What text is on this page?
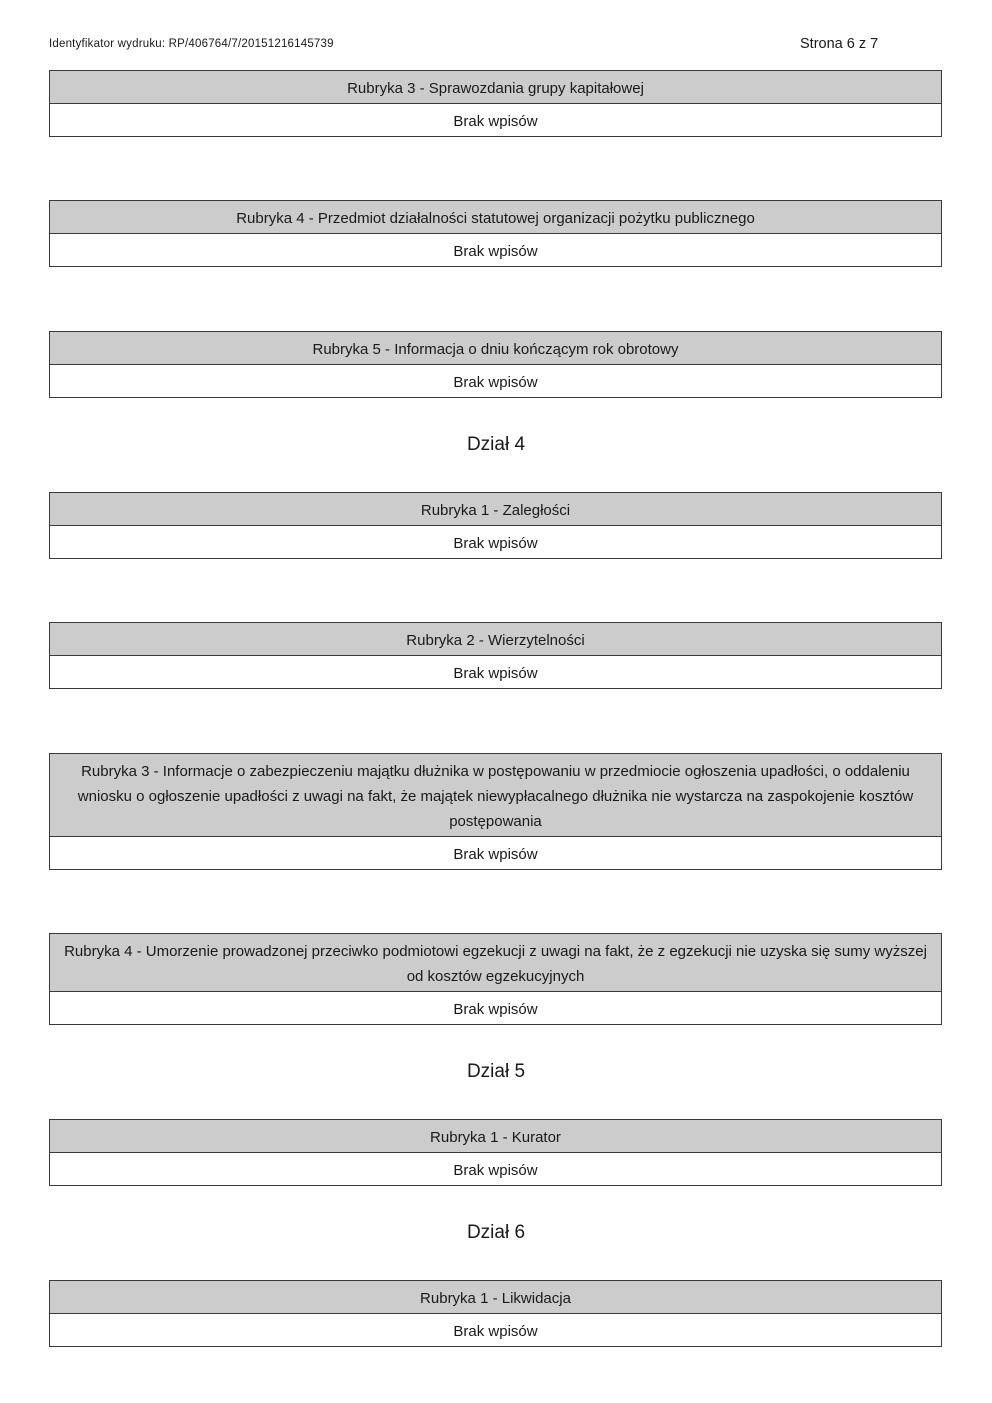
Identyfikator wydruku: RP/406764/7/20151216145739	Strona 6 z 7
Rubryka 3 - Sprawozdania grupy kapitałowej
Brak wpisów
Rubryka 4 - Przedmiot działalności statutowej organizacji pożytku publicznego
Brak wpisów
Rubryka 5 - Informacja o dniu kończącym rok obrotowy
Brak wpisów
Dział 4
Rubryka 1 - Zaległości
Brak wpisów
Rubryka 2 - Wierzytelności
Brak wpisów
Rubryka 3 - Informacje o zabezpieczeniu majątku dłużnika w postępowaniu w przedmiocie ogłoszenia upadłości, o oddaleniu wniosku o ogłoszenie upadłości z uwagi na fakt, że majątek niewypłacalnego dłużnika nie wystarcza na zaspokojenie kosztów postępowania
Brak wpisów
Rubryka 4 - Umorzenie prowadzonej przeciwko podmiotowi egzekucji z uwagi na fakt, że z egzekucji nie uzyska się sumy wyższej od kosztów egzekucyjnych
Brak wpisów
Dział 5
Rubryka 1 - Kurator
Brak wpisów
Dział 6
Rubryka 1 - Likwidacja
Brak wpisów
